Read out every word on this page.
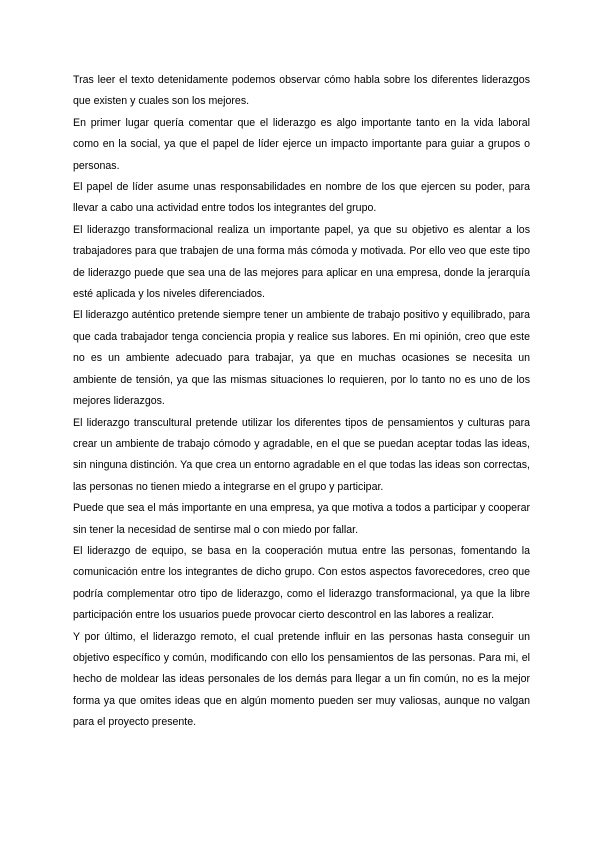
Tras leer el texto detenidamente podemos observar cómo habla sobre los diferentes liderazgos que existen y cuales son los mejores.

En primer lugar quería comentar que el liderazgo es algo importante tanto en la vida laboral como en la social, ya que el papel de líder ejerce un impacto importante para guiar a grupos o personas.

El papel de líder asume unas responsabilidades en nombre de los que ejercen su poder, para llevar a cabo una actividad entre todos los integrantes del grupo.

El liderazgo transformacional realiza un importante papel, ya que su objetivo es alentar a los trabajadores para que trabajen de una forma más cómoda y motivada. Por ello veo que este tipo de liderazgo puede que sea una de las mejores para aplicar en una empresa, donde la jerarquía esté aplicada y los niveles diferenciados.

El liderazgo auténtico pretende siempre tener un ambiente de trabajo positivo y equilibrado, para que cada trabajador tenga conciencia propia y realice sus labores. En mi opinión, creo que este no es un ambiente adecuado para trabajar, ya que en muchas ocasiones se necesita un ambiente de tensión, ya que las mismas situaciones lo requieren, por lo tanto no es uno de los mejores liderazgos.

El liderazgo transcultural pretende utilizar los diferentes tipos de pensamientos y culturas para crear un ambiente de trabajo cómodo y agradable, en el que se puedan aceptar todas las ideas, sin ninguna distinción. Ya que crea un entorno agradable en el que todas las ideas son correctas, las personas no tienen miedo a integrarse en el grupo y participar.

Puede que sea el más importante en una empresa, ya que motiva a todos a participar y cooperar sin tener la necesidad de sentirse mal o con miedo por fallar.

El liderazgo de equipo, se basa en la cooperación mutua entre las personas, fomentando la comunicación entre los integrantes de dicho grupo. Con estos aspectos favorecedores, creo que podría complementar otro tipo de liderazgo, como el liderazgo transformacional, ya que la libre participación entre los usuarios puede provocar cierto descontrol en las labores a realizar.

Y por último, el liderazgo remoto, el cual pretende influir en las personas hasta conseguir un objetivo específico y común, modificando con ello los pensamientos de las personas. Para mi, el hecho de moldear las ideas personales de los demás para llegar a un fin común, no es la mejor forma ya que omites ideas que en algún momento pueden ser muy valiosas, aunque no valgan para el proyecto presente.
